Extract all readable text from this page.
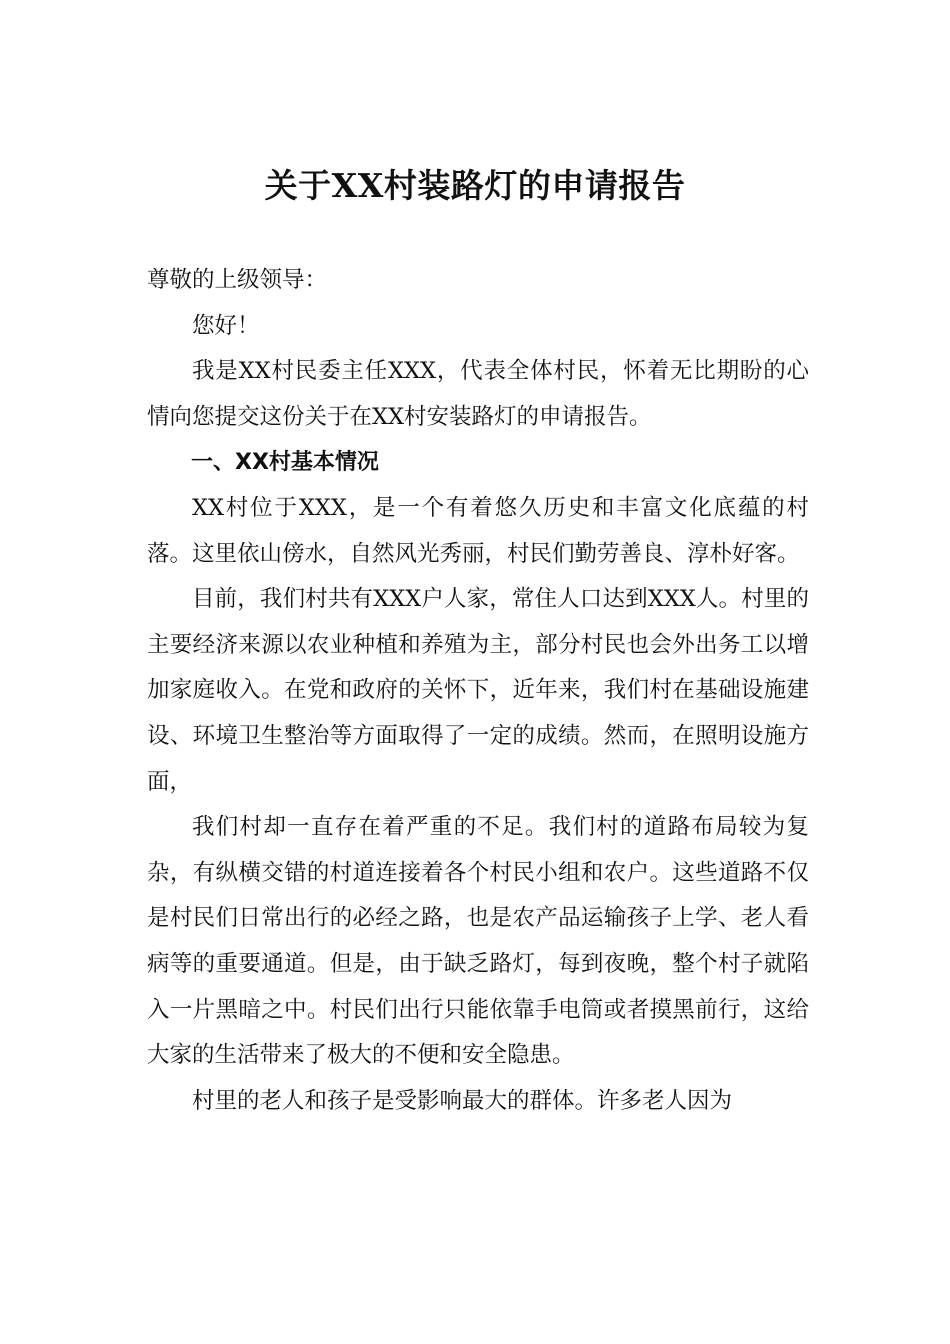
关于XX村装路灯的申请报告

尊敬的上级领导：

您好！

我是XX村民委主任XXX，代表全体村民，怀着无比期盼的心情向您提交这份关于在XX村安装路灯的申请报告。

一、XX村基本情况

XX村位于XXX，是一个有着悠久历史和丰富文化底蕴的村落。这里依山傍水，自然风光秀丽，村民们勤劳善良、淳朴好客。

目前，我们村共有XXX户人家，常住人口达到XXX人。村里的主要经济来源以农业种植和养殖为主，部分村民也会外出务工以增加家庭收入。在党和政府的关怀下，近年来，我们村在基础设施建设、环境卫生整治等方面取得了一定的成绩。然而，在照明设施方面，

我们村却一直存在着严重的不足。我们村的道路布局较为复杂，有纵横交错的村道连接着各个村民小组和农户。这些道路不仅是村民们日常出行的必经之路，也是农产品运输孩子上学、老人看病等的重要通道。但是，由于缺乏路灯，每到夜晚，整个村子就陷入一片黑暗之中。村民们出行只能依靠手电筒或者摸黑前行，这给大家的生活带来了极大的不便和安全隐患。

村里的老人和孩子是受影响最大的群体。许多老人因为
